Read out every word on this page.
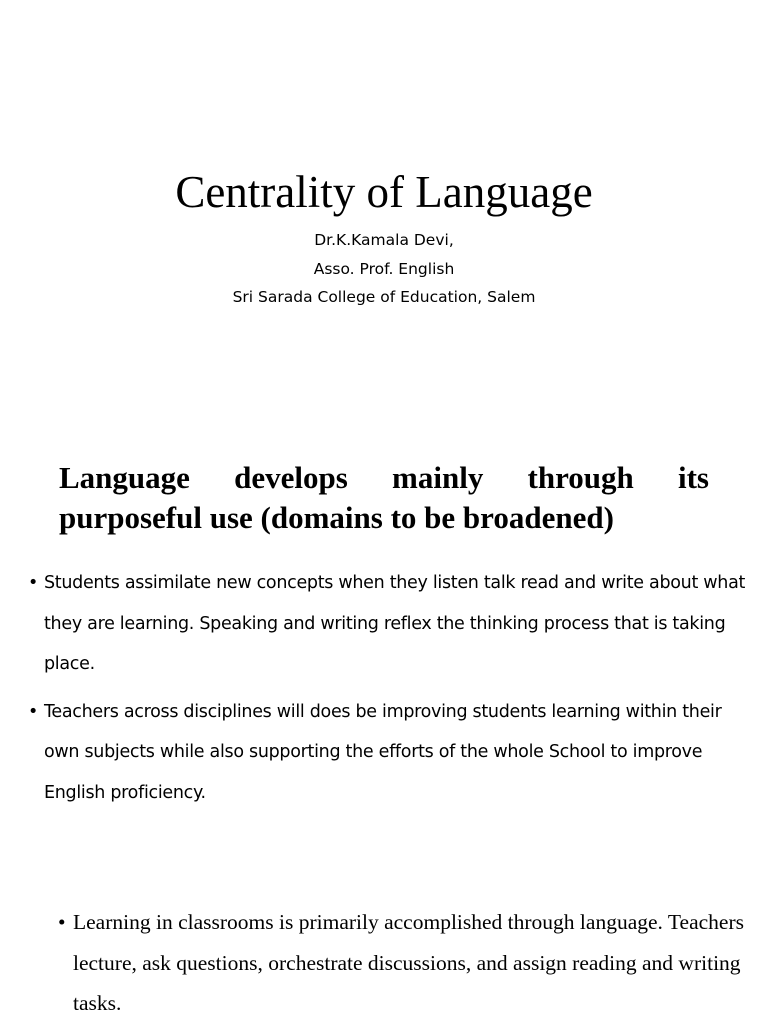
Centrality of Language
Dr.K.Kamala Devi,
Asso. Prof. English
Sri Sarada College of Education, Salem
Language develops mainly through its purposeful use (domains to be broadened)
• Students assimilate new concepts when they listen talk read and write about what they are learning. Speaking and writing reflex the thinking process that is taking place.
• Teachers across disciplines will does be improving students learning within their own subjects while also supporting the efforts of the whole School to improve English proficiency.
• Learning in classrooms is primarily accomplished through language. Teachers lecture, ask questions, orchestrate discussions, and assign reading and writing tasks.
